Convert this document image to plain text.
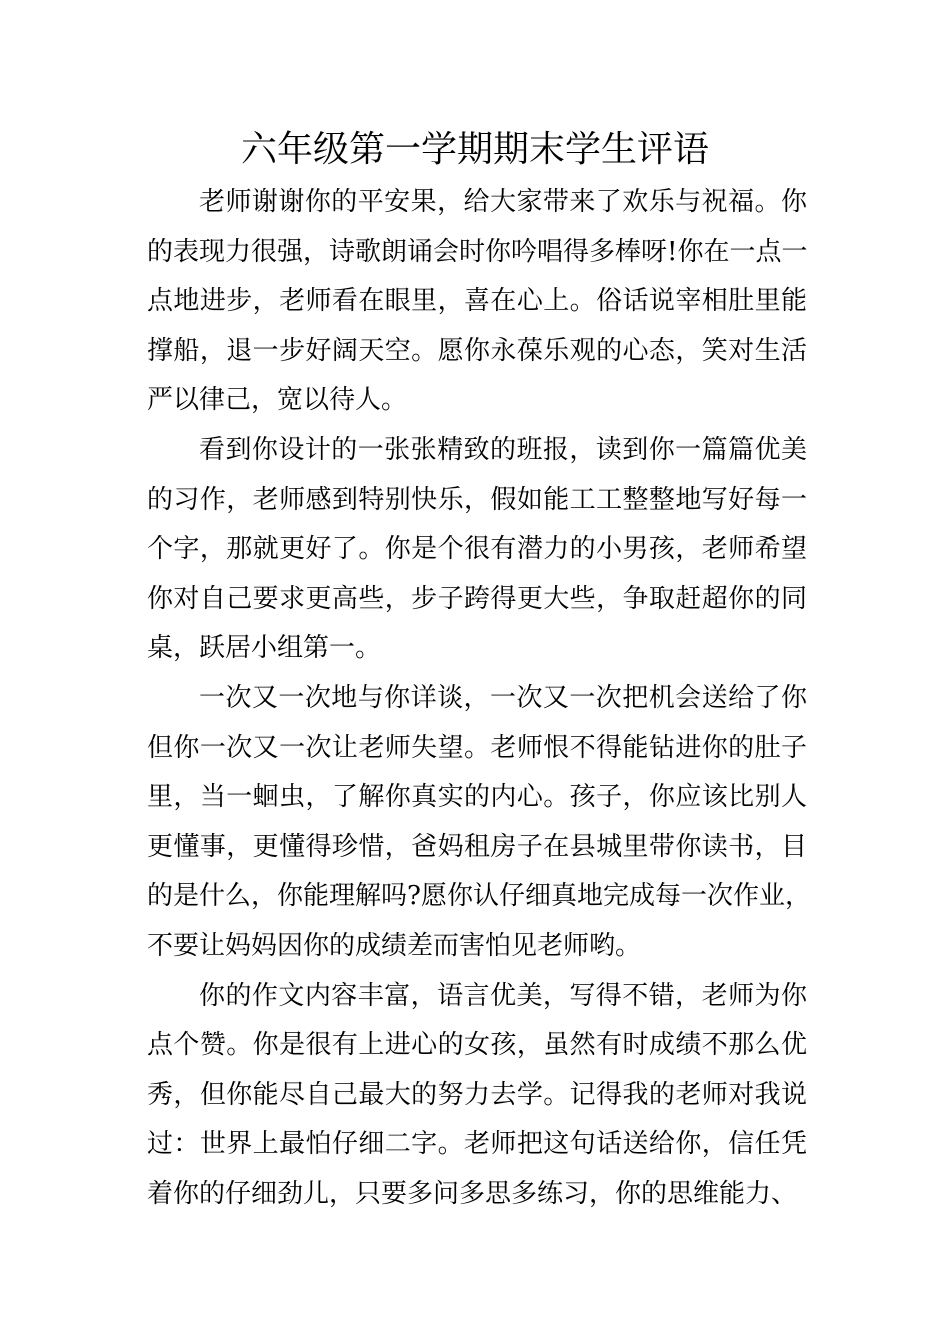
六年级第一学期期末学生评语
老师谢谢你的平安果，给大家带来了欢乐与祝福。你
的表现力很强，诗歌朗诵会时你吟唱得多棒呀!你在一点一
点地进步，老师看在眼里，喜在心上。俗话说宰相肚里能
撑船，退一步好阔天空。愿你永葆乐观的心态，笑对生活
严以律己，宽以待人。
看到你设计的一张张精致的班报，读到你一篇篇优美
的习作，老师感到特别快乐，假如能工工整整地写好每一
个字，那就更好了。你是个很有潜力的小男孩，老师希望
你对自己要求更高些，步子跨得更大些，争取赶超你的同
桌，跃居小组第一。
一次又一次地与你详谈，一次又一次把机会送给了你
但你一次又一次让老师失望。老师恨不得能钻进你的肚子
里，当一蛔虫，了解你真实的内心。孩子，你应该比别人
更懂事，更懂得珍惜，爸妈租房子在县城里带你读书，目
的是什么，你能理解吗?愿你认仔细真地完成每一次作业，
不要让妈妈因你的成绩差而害怕见老师哟。
你的作文内容丰富，语言优美，写得不错，老师为你
点个赞。你是很有上进心的女孩，虽然有时成绩不那么优
秀，但你能尽自己最大的努力去学。记得我的老师对我说
过：世界上最怕仔细二字。老师把这句话送给你，信任凭
着你的仔细劲儿，只要多问多思多练习，你的思维能力、
